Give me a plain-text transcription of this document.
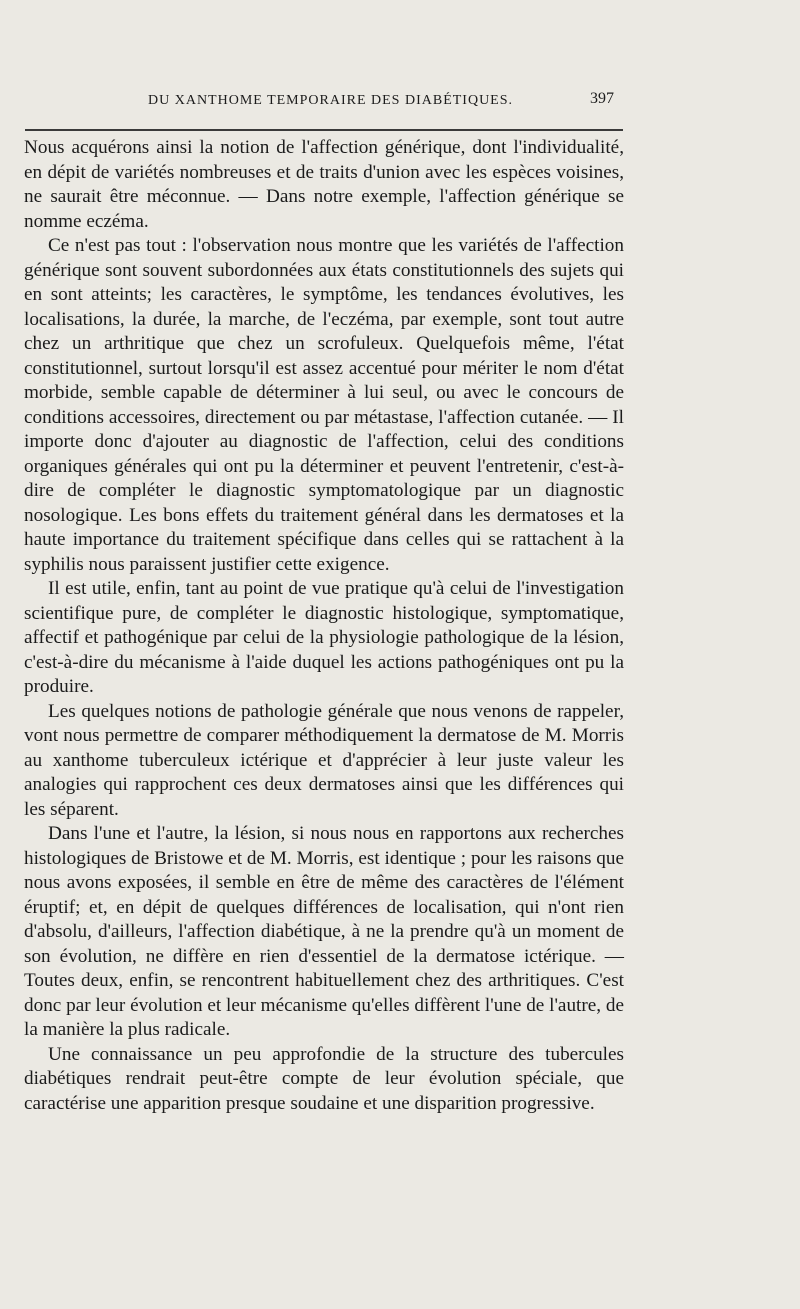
DU XANTHOME TEMPORAIRE DES DIABÉTIQUES.	397

Nous acquérons ainsi la notion de l'affection générique, dont l'individualité, en dépit de variétés nombreuses et de traits d'union avec les espèces voisines, ne saurait être méconnue. — Dans notre exemple, l'affection générique se nomme eczéma.

Ce n'est pas tout : l'observation nous montre que les variétés de l'affection générique sont souvent subordonnées aux états constitutionnels des sujets qui en sont atteints; les caractères, le symptôme, les tendances évolutives, les localisations, la durée, la marche, de l'eczéma, par exemple, sont tout autre chez un arthritique que chez un scrofuleux. Quelquefois même, l'état constitutionnel, surtout lorsqu'il est assez accentué pour mériter le nom d'état morbide, semble capable de déterminer à lui seul, ou avec le concours de conditions accessoires, directement ou par métastase, l'affection cutanée. — Il importe donc d'ajouter au diagnostic de l'affection, celui des conditions organiques générales qui ont pu la déterminer et peuvent l'entretenir, c'est-à-dire de compléter le diagnostic symptomatologique par un diagnostic nosologique. Les bons effets du traitement général dans les dermatoses et la haute importance du traitement spécifique dans celles qui se rattachent à la syphilis nous paraissent justifier cette exigence.

Il est utile, enfin, tant au point de vue pratique qu'à celui de l'investigation scientifique pure, de compléter le diagnostic histologique, symptomatique, affectif et pathogénique par celui de la physiologie pathologique de la lésion, c'est-à-dire du mécanisme à l'aide duquel les actions pathogéniques ont pu la produire.

Les quelques notions de pathologie générale que nous venons de rappeler, vont nous permettre de comparer méthodiquement la dermatose de M. Morris au xanthome tuberculeux ictérique et d'apprécier à leur juste valeur les analogies qui rapprochent ces deux dermatoses ainsi que les différences qui les séparent.

Dans l'une et l'autre, la lésion, si nous nous en rapportons aux recherches histologiques de Bristowe et de M. Morris, est identique ; pour les raisons que nous avons exposées, il semble en être de même des caractères de l'élément éruptif; et, en dépit de quelques différences de localisation, qui n'ont rien d'absolu, d'ailleurs, l'affection diabétique, à ne la prendre qu'à un moment de son évolution, ne diffère en rien d'essentiel de la dermatose ictérique. — Toutes deux, enfin, se rencontrent habituellement chez des arthritiques. C'est donc par leur évolution et leur mécanisme qu'elles diffèrent l'une de l'autre, de la manière la plus radicale.

Une connaissance un peu approfondie de la structure des tubercules diabétiques rendrait peut-être compte de leur évolution spéciale, que caractérise une apparition presque soudaine et une disparition progressive.
